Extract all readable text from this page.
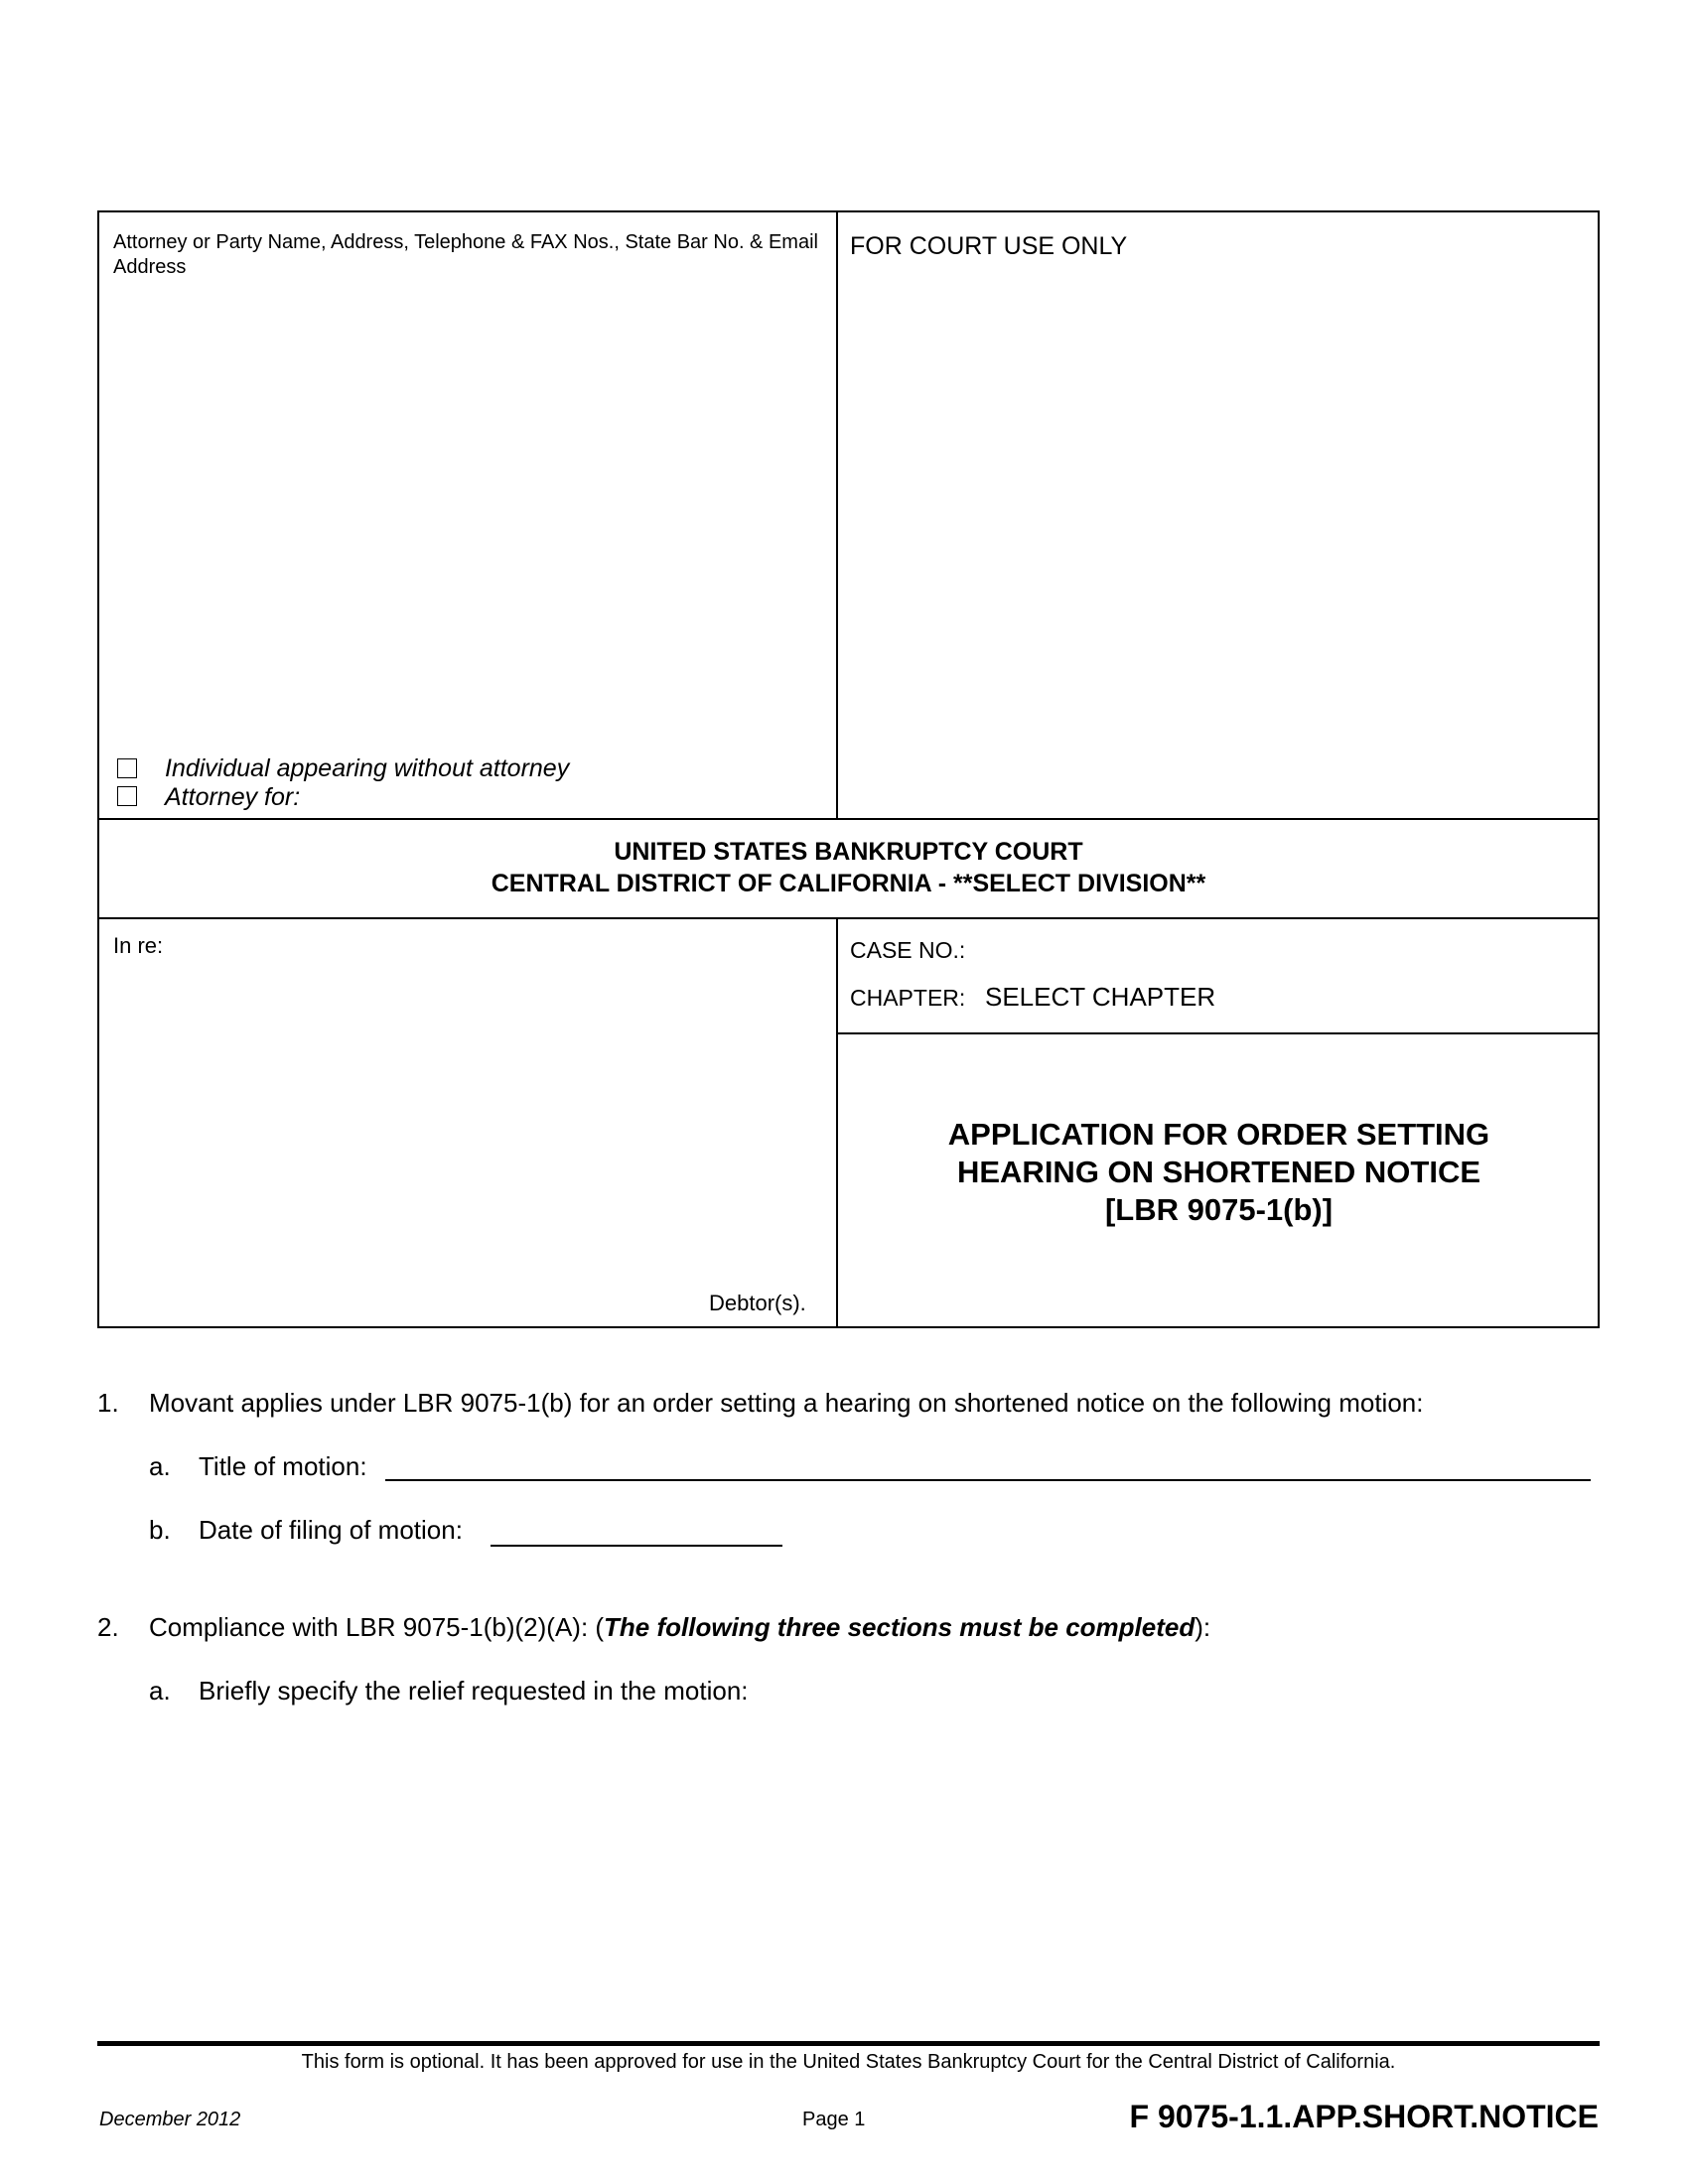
Attorney or Party Name, Address, Telephone & FAX Nos., State Bar No. & Email Address
Individual appearing without attorney
Attorney for:
FOR COURT USE ONLY
UNITED STATES BANKRUPTCY COURT
CENTRAL DISTRICT OF CALIFORNIA - **SELECT DIVISION**
In re:
Debtor(s).
CASE NO.:
CHAPTER: SELECT CHAPTER
APPLICATION FOR ORDER SETTING
HEARING ON SHORTENED NOTICE
[LBR 9075-1(b)]
1. Movant applies under LBR 9075-1(b) for an order setting a hearing on shortened notice on the following motion:
a. Title of motion:
b. Date of filing of motion:
2. Compliance with LBR 9075-1(b)(2)(A): (The following three sections must be completed):
a. Briefly specify the relief requested in the motion:
This form is optional. It has been approved for use in the United States Bankruptcy Court for the Central District of California.
December 2012	Page 1	F 9075-1.1.APP.SHORT.NOTICE
